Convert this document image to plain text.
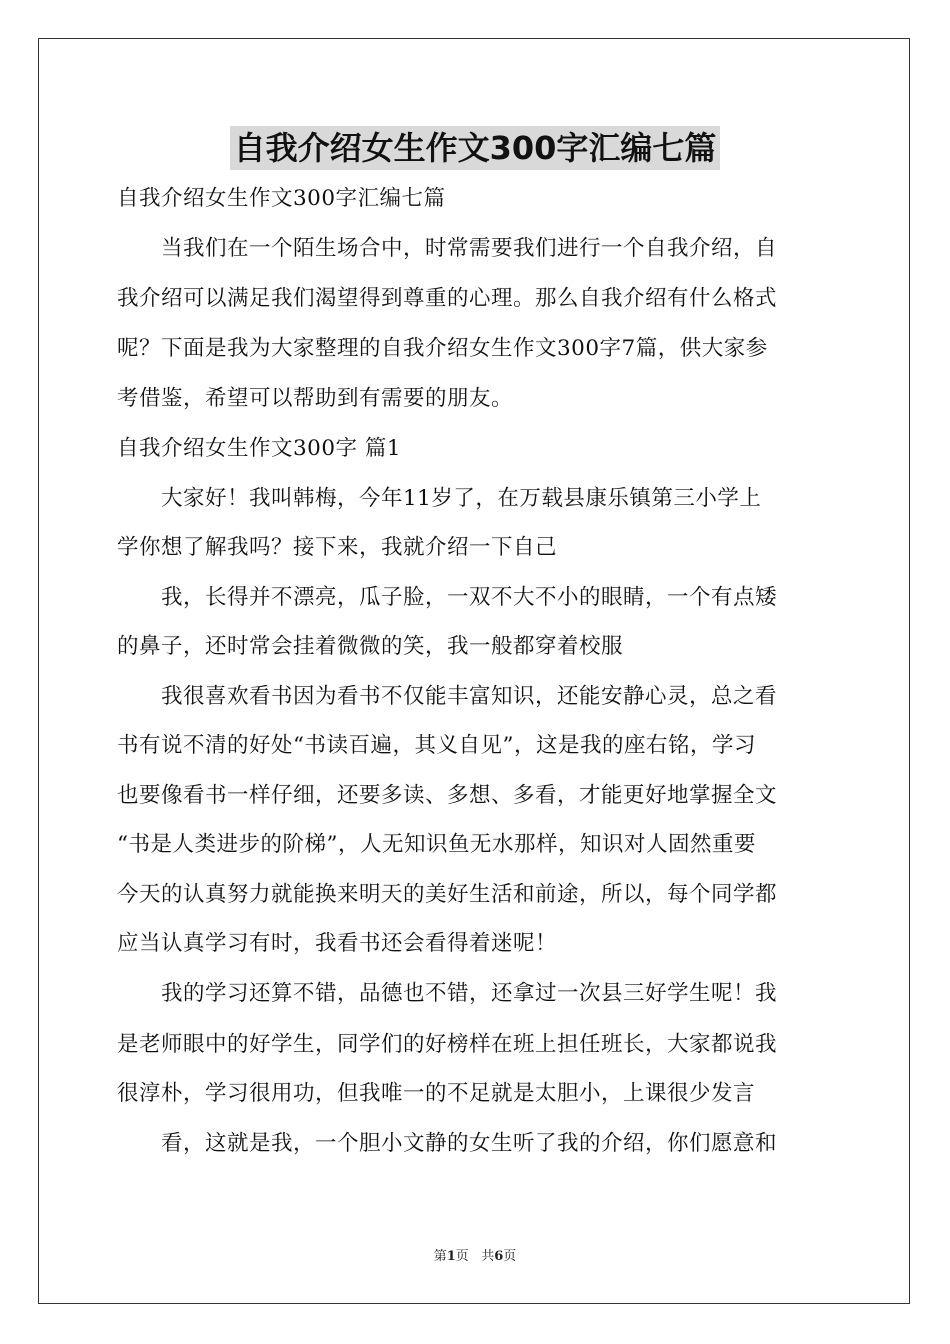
自我介绍女生作文300字汇编七篇
自我介绍女生作文300字汇编七篇
　　当我们在一个陌生场合中，时常需要我们进行一个自我介绍，自
我介绍可以满足我们渴望得到尊重的心理。那么自我介绍有什么格式
呢？下面是我为大家整理的自我介绍女生作文300字7篇，供大家参
考借鉴，希望可以帮助到有需要的朋友。
自我介绍女生作文300字 篇1
　　大家好！我叫韩梅，今年11岁了，在万载县康乐镇第三小学上
学你想了解我吗？接下来，我就介绍一下自己
　　我，长得并不漂亮，瓜子脸，一双不大不小的眼睛，一个有点矮
的鼻子，还时常会挂着微微的笑，我一般都穿着校服
　　我很喜欢看书因为看书不仅能丰富知识，还能安静心灵，总之看
书有说不清的好处“书读百遍，其义自见”，这是我的座右铭，学习
也要像看书一样仔细，还要多读、多想、多看，才能更好地掌握全文
“书是人类进步的阶梯”，人无知识鱼无水那样，知识对人固然重要
今天的认真努力就能换来明天的美好生活和前途，所以，每个同学都
应当认真学习有时，我看书还会看得着迷呢！
　　我的学习还算不错，品德也不错，还拿过一次县三好学生呢！我
是老师眼中的好学生，同学们的好榜样在班上担任班长，大家都说我
很淳朴，学习很用功，但我唯一的不足就是太胆小，上课很少发言
　　看，这就是我，一个胆小文静的女生听了我的介绍，你们愿意和
第1页 共6页
